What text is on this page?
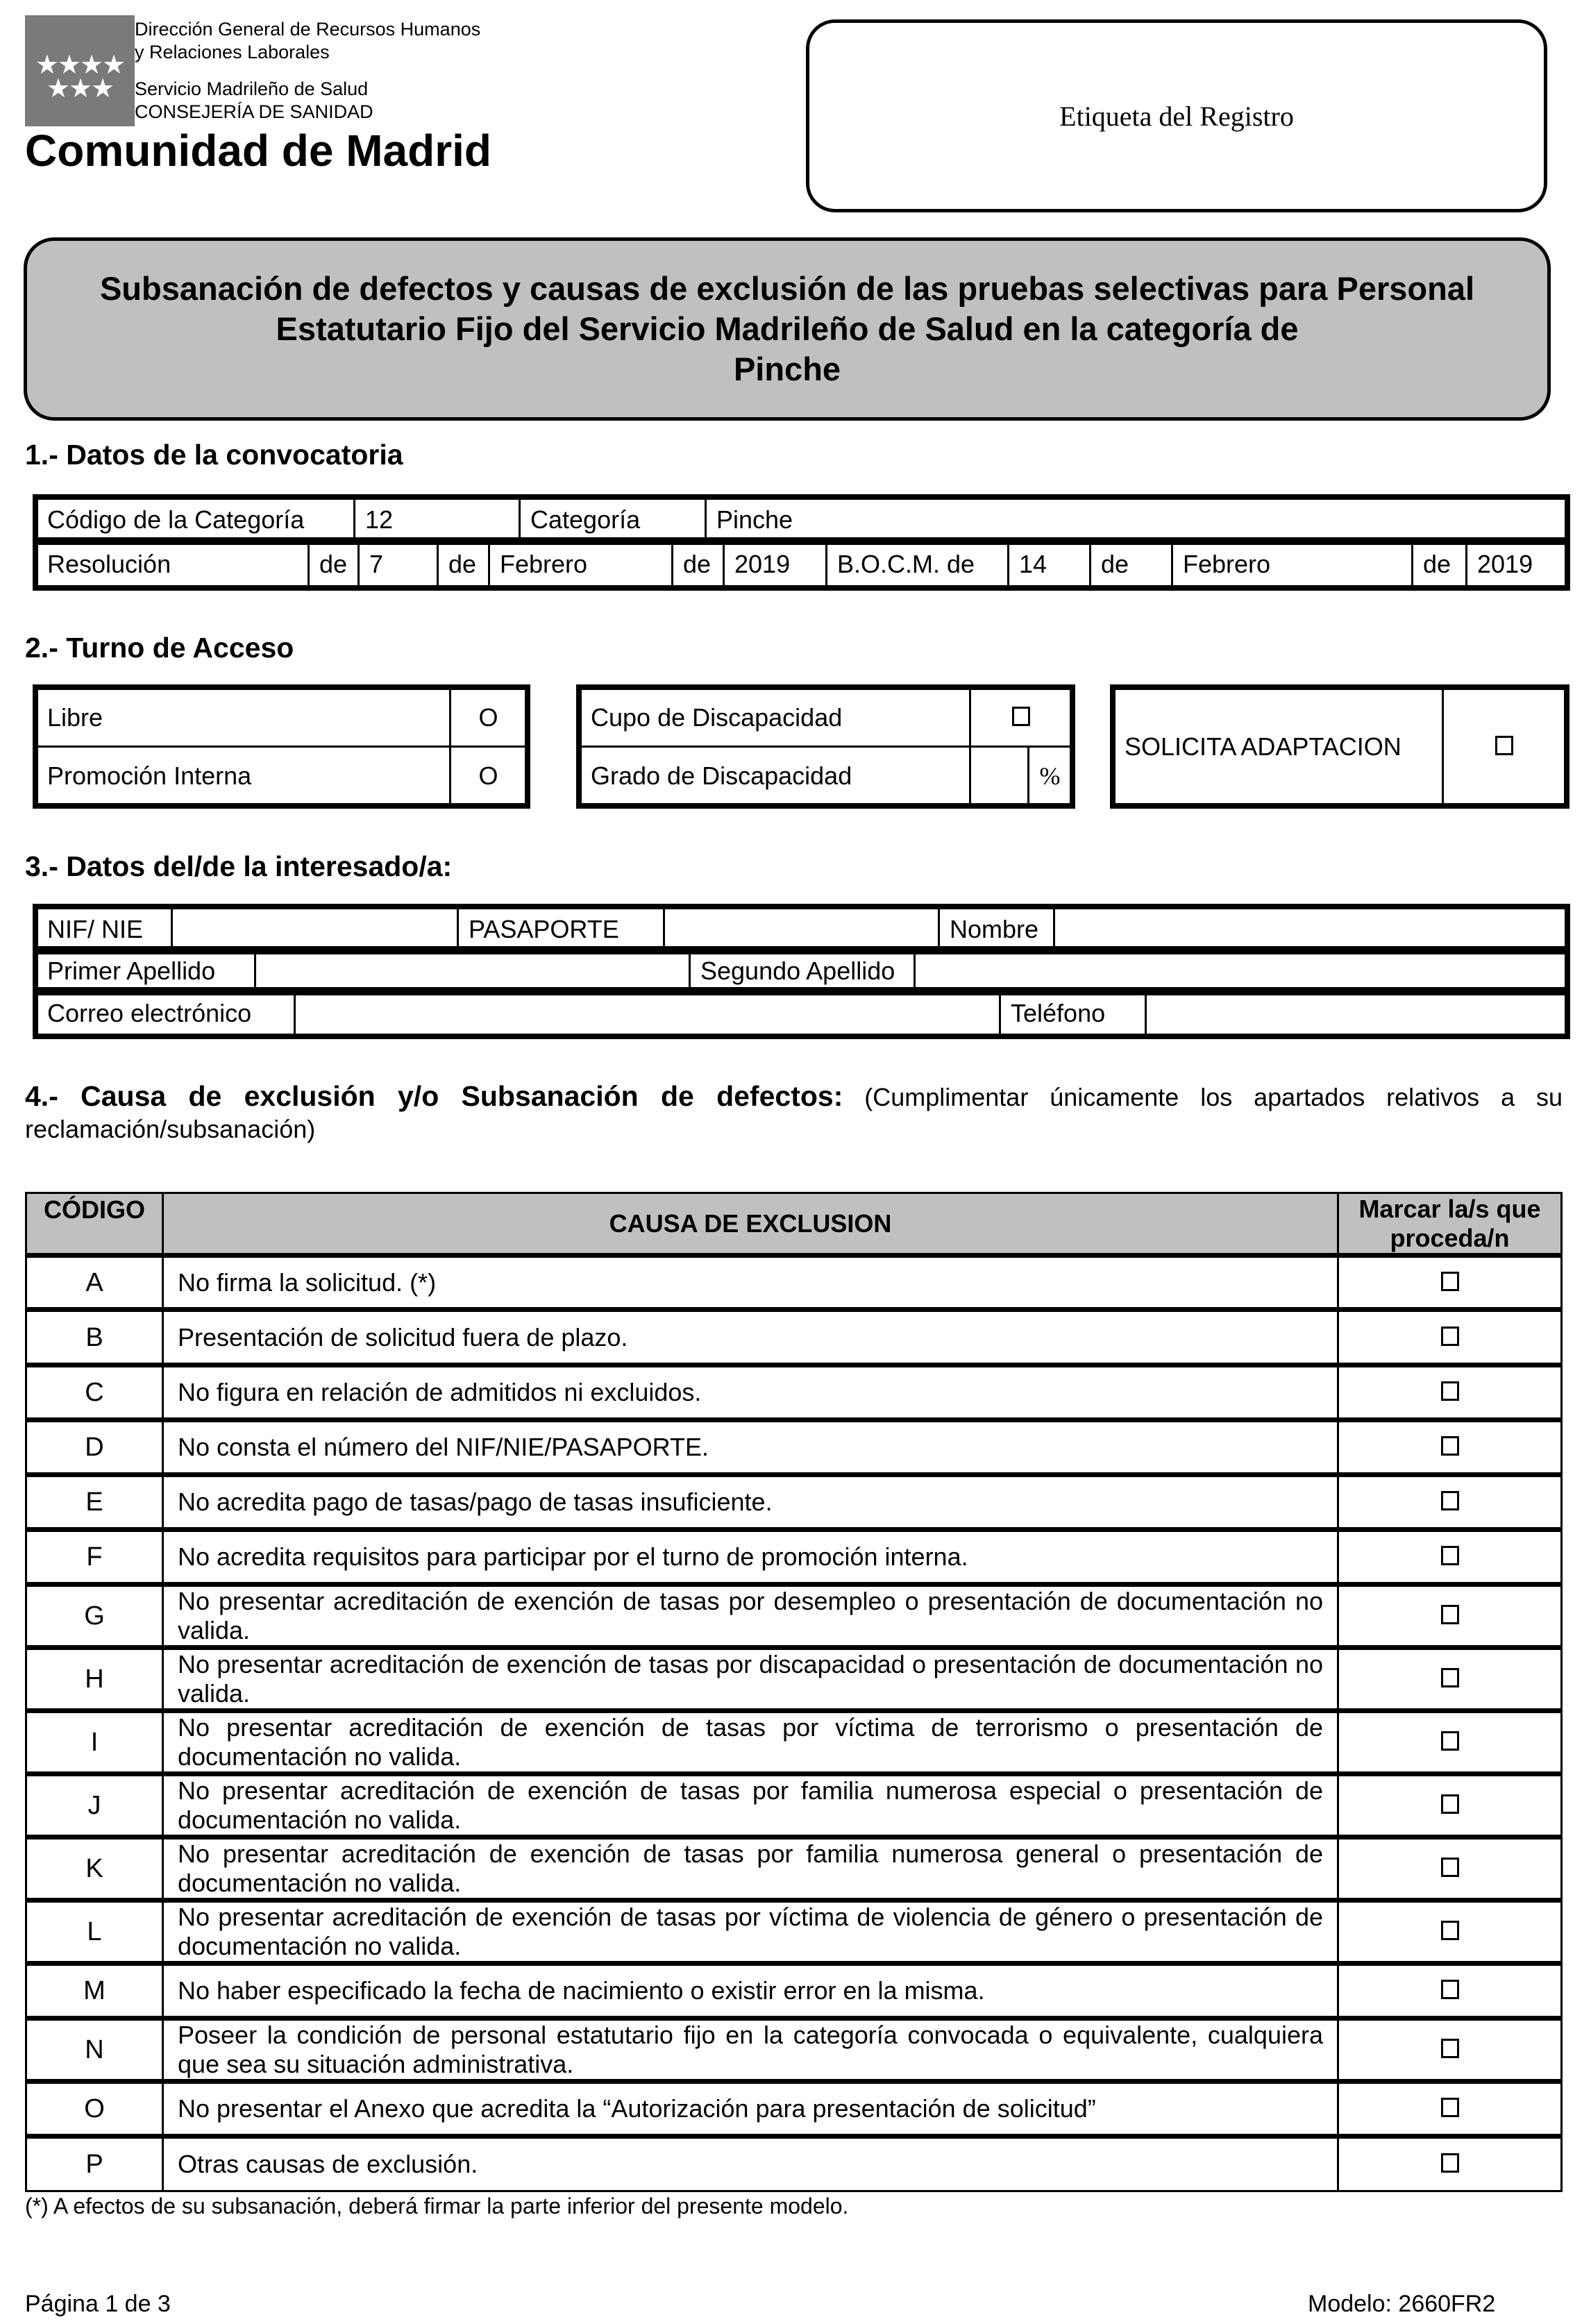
★★★★
★★★
Dirección General de Recursos Humanos
y Relaciones Laborales
Servicio Madrileño de Salud
CONSEJERÍA DE SANIDAD
Comunidad de Madrid
Etiqueta del Registro
Subsanación de defectos y causas de exclusión de las pruebas selectivas para Personal
Estatutario Fijo del Servicio Madrileño de Salud en la categoría de
Pinche
1.- Datos de la convocatoria
Código de la Categoría	12	Categoría	Pinche
Resolución	de	7	de	Febrero	de	2019	B.O.C.M. de	14	de	Febrero	de	2019
2.- Turno de Acceso
Libre	O
Promoción Interna	O
Cupo de Discapacidad		
Grado de Discapacidad		%
SOLICITA ADAPTACION	
3.- Datos del/de la interesado/a:
NIF/ NIE		PASAPORTE		Nombre	
Primer Apellido		Segundo Apellido	
Correo electrónico		Teléfono	
4.- Causa de exclusión y/o Subsanación de defectos: (Cumplimentar únicamente los apartados relativos a su reclamación/subsanación)
CÓDIGO	CAUSA DE EXCLUSION	Marcar la/s que proceda/n
A	No firma la solicitud. (*)	
B	Presentación de solicitud fuera de plazo.	
C	No figura en relación de admitidos ni excluidos.	
D	No consta el número del NIF/NIE/PASAPORTE.	
E	No acredita pago de tasas/pago de tasas insuficiente.	
F	No acredita requisitos para participar por el turno de promoción interna.	
G	No presentar acreditación de exención de tasas por desempleo o presentación de documentación no valida.	
H	No presentar acreditación de exención de tasas por discapacidad o presentación de documentación no valida.	
I	No presentar acreditación de exención de tasas por víctima de terrorismo o presentación de documentación no valida.	
J	No presentar acreditación de exención de tasas por familia numerosa especial o presentación de documentación no valida.	
K	No presentar acreditación de exención de tasas por familia numerosa general o presentación de documentación no valida.	
L	No presentar acreditación de exención de tasas por víctima de violencia de género o presentación de documentación no valida.	
M	No haber especificado la fecha de nacimiento o existir error en la misma.	
N	Poseer la condición de personal estatutario fijo en la categoría convocada o equivalente, cualquiera que sea su situación administrativa.	
O	No presentar el Anexo que acredita la “Autorización para presentación de solicitud”	
P	Otras causas de exclusión.	
(*) A efectos de su subsanación, deberá firmar la parte inferior del presente modelo.
Página 1 de 3	Modelo: 2660FR2
